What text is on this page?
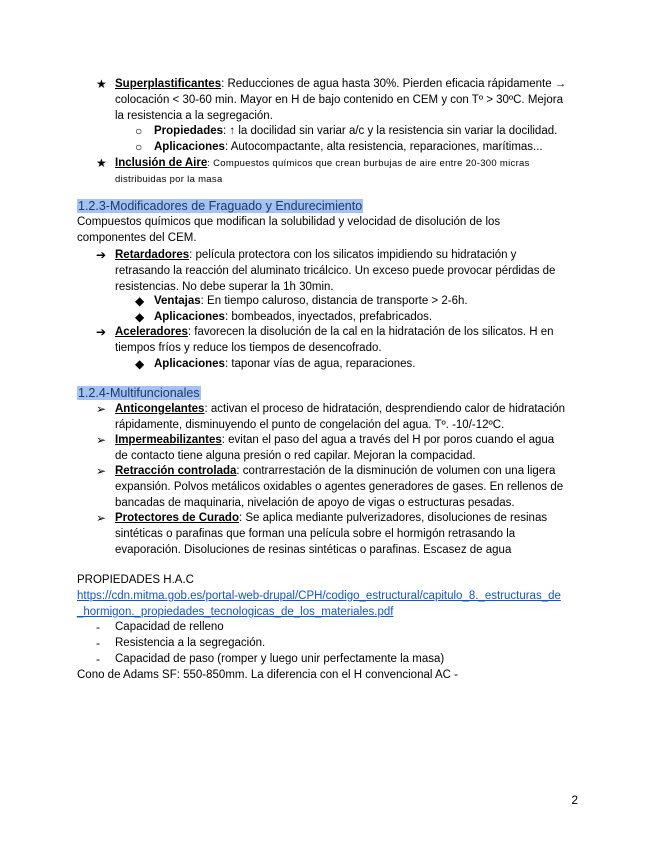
★ Superplastificantes: Reducciones de agua hasta 30%. Pierden eficacia rápidamente →
colocación < 30-60 min. Mayor en H de bajo contenido en CEM y con Tº > 30ºC. Mejora
la resistencia a la segregación.
○ Propiedades: ↑ la docilidad sin variar a/c y la resistencia sin variar la docilidad.
○ Aplicaciones: Autocompactante, alta resistencia, reparaciones, marítimas...
★ Inclusión de Aire: Compuestos químicos que crean burbujas de aire entre 20-300 micras
distribuidas por la masa
1.2.3-Modificadores de Fraguado y Endurecimiento
Compuestos químicos que modifican la solubilidad y velocidad de disolución de los
componentes del CEM.
➔ Retardadores: película protectora con los silicatos impidiendo su hidratación y
retrasando la reacción del aluminato tricálcico. Un exceso puede provocar pérdidas de
resistencias. No debe superar la 1h 30min.
◆ Ventajas: En tiempo caluroso, distancia de transporte > 2-6h.
◆ Aplicaciones: bombeados, inyectados, prefabricados.
➔ Aceleradores: favorecen la disolución de la cal en la hidratación de los silicatos. H en
tiempos fríos y reduce los tiempos de desencofrado.
◆ Aplicaciones: taponar vías de agua, reparaciones.
1.2.4-Multifuncionales
➢ Anticongelantes: activan el proceso de hidratación, desprendiendo calor de hidratación
rápidamente, disminuyendo el punto de congelación del agua. Tº. -10/-12ºC.
➢ Impermeabilizantes: evitan el paso del agua a través del H por poros cuando el agua
de contacto tiene alguna presión o red capilar. Mejoran la compacidad.
➢ Retracción controlada: contrarrestación de la disminución de volumen con una ligera
expansión. Polvos metálicos oxidables o agentes generadores de gases. En rellenos de
bancadas de maquinaria, nivelación de apoyo de vigas o estructuras pesadas.
➢ Protectores de Curado: Se aplica mediante pulverizadores, disoluciones de resinas
sintéticas o parafinas que forman una película sobre el hormigón retrasando la
evaporación. Disoluciones de resinas sintéticas o parafinas. Escasez de agua
PROPIEDADES H.A.C
https://cdn.mitma.gob.es/portal-web-drupal/CPH/codigo_estructural/capitulo_8._estructuras_de
_hormigon._propiedades_tecnologicas_de_los_materiales.pdf
- Capacidad de relleno
- Resistencia a la segregación.
- Capacidad de paso (romper y luego unir perfectamente la masa)
Cono de Adams SF: 550-850mm. La diferencia con el H convencional AC -
2
